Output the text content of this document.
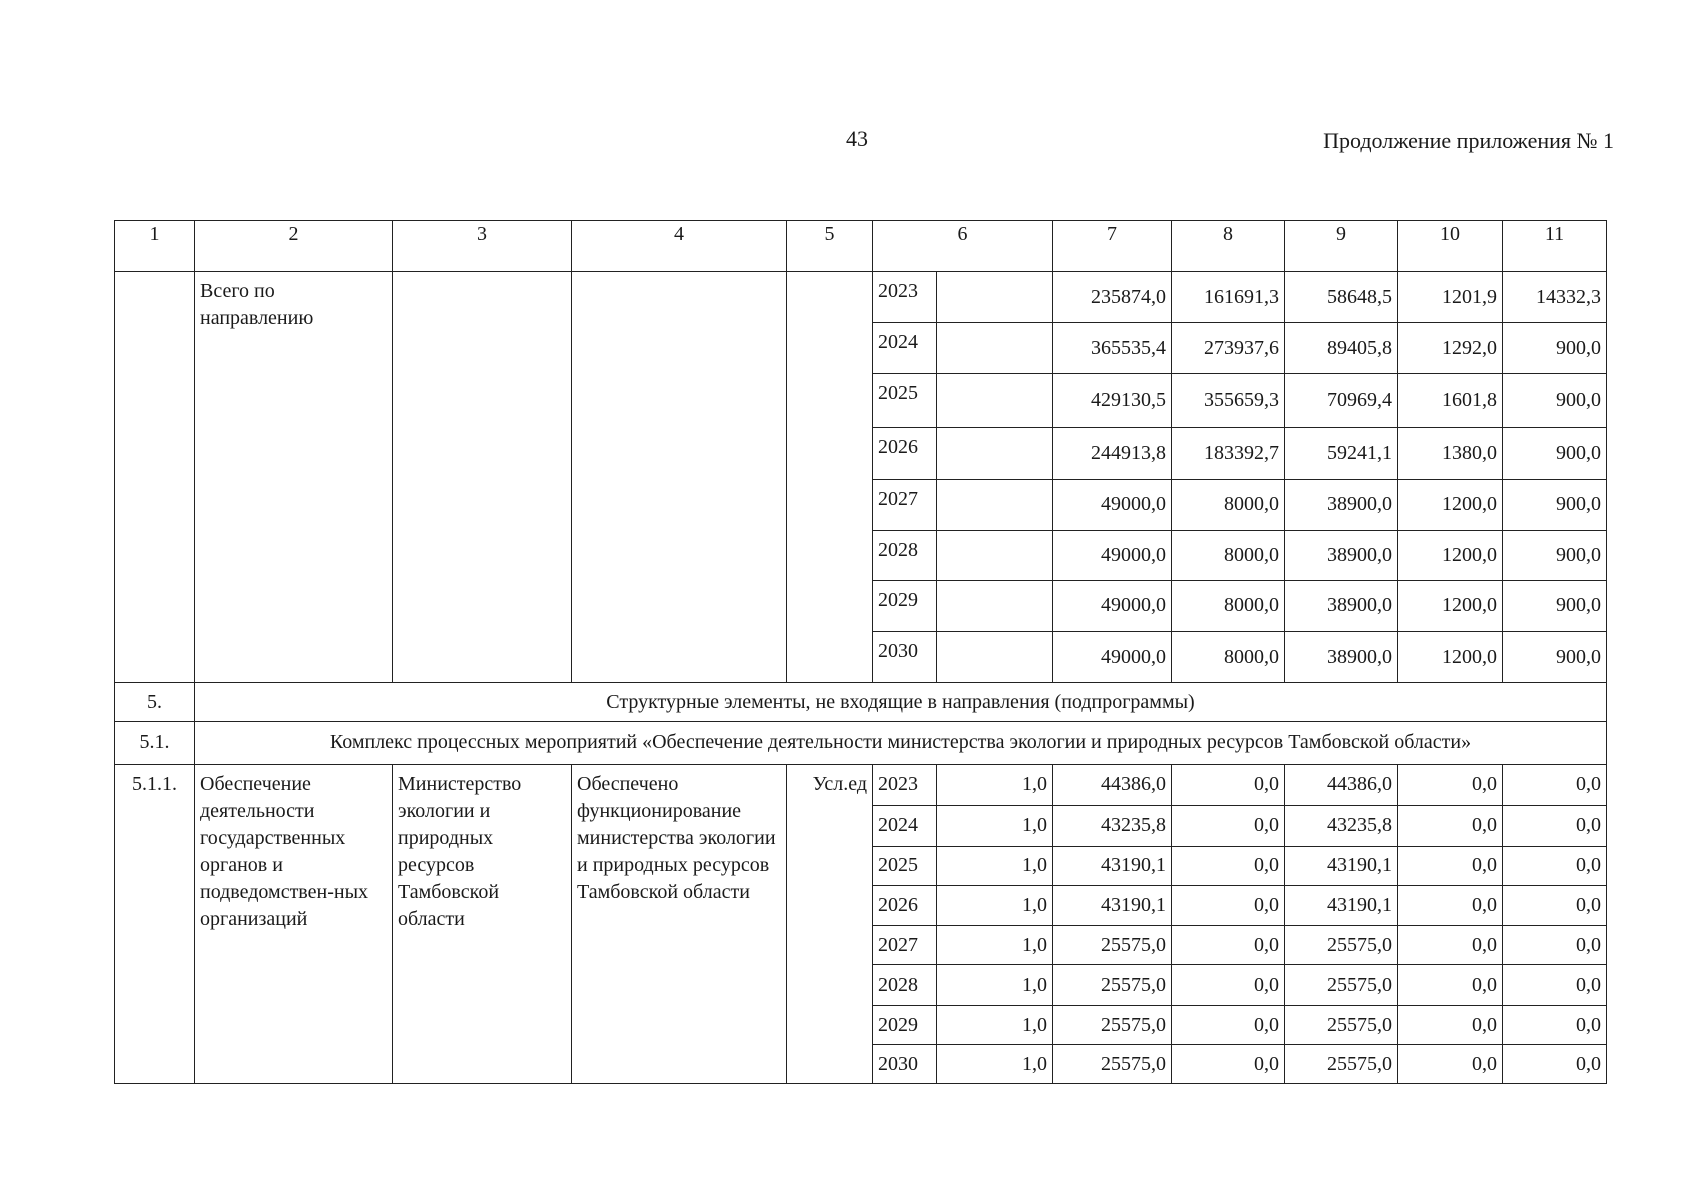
43	Продолжение приложения № 1
1	2	3	4	5	6		7	8	9	10	11
	Всего по направлению				2023		235874,0	161691,3	58648,5	1201,9	14332,3
					2024		365535,4	273937,6	89405,8	1292,0	900,0
					2025		429130,5	355659,3	70969,4	1601,8	900,0
					2026		244913,8	183392,7	59241,1	1380,0	900,0
					2027		49000,0	8000,0	38900,0	1200,0	900,0
					2028		49000,0	8000,0	38900,0	1200,0	900,0
					2029		49000,0	8000,0	38900,0	1200,0	900,0
					2030		49000,0	8000,0	38900,0	1200,0	900,0
5.	Структурные элементы, не входящие в направления (подпрограммы)										
5.1.	Комплекс процессных мероприятий «Обеспечение деятельности министерства экологии и природных ресурсов Тамбовской области»										
5.1.1.	Обеспечение деятельности государственных органов и подведомствен-ных организаций	Министерство экологии и природных ресурсов Тамбовской области	Обеспечено функционирование министерства экологии и природных ресурсов Тамбовской области	Усл.ед	2023	1,0	44386,0	0,0	44386,0	0,0	0,0
					2024	1,0	43235,8	0,0	43235,8	0,0	0,0
					2025	1,0	43190,1	0,0	43190,1	0,0	0,0
					2026	1,0	43190,1	0,0	43190,1	0,0	0,0
					2027	1,0	25575,0	0,0	25575,0	0,0	0,0
					2028	1,0	25575,0	0,0	25575,0	0,0	0,0
					2029	1,0	25575,0	0,0	25575,0	0,0	0,0
					2030	1,0	25575,0	0,0	25575,0	0,0	0,0
